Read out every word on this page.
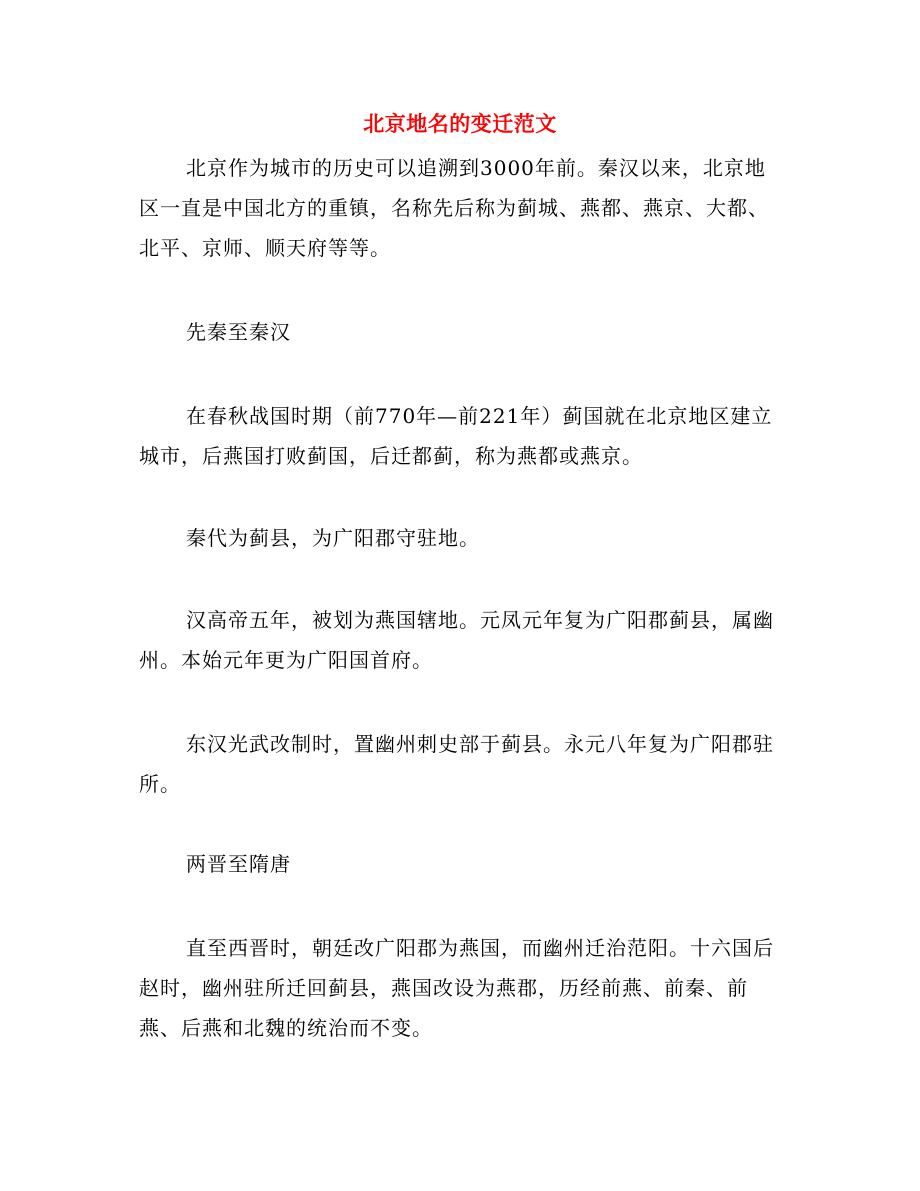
北京地名的变迁范文

北京作为城市的历史可以追溯到3000年前。秦汉以来，北京地区一直是中国北方的重镇，名称先后称为蓟城、燕都、燕京、大都、北平、京师、顺天府等等。

先秦至秦汉

在春秋战国时期（前770年—前221年）蓟国就在北京地区建立城市，后燕国打败蓟国，后迁都蓟，称为燕都或燕京。

秦代为蓟县，为广阳郡守驻地。

汉高帝五年，被划为燕国辖地。元凤元年复为广阳郡蓟县，属幽州。本始元年更为广阳国首府。

东汉光武改制时，置幽州刺史部于蓟县。永元八年复为广阳郡驻所。

两晋至隋唐

直至西晋时，朝廷改广阳郡为燕国，而幽州迁治范阳。十六国后赵时，幽州驻所迁回蓟县，燕国改设为燕郡，历经前燕、前秦、前燕、后燕和北魏的统治而不变。
